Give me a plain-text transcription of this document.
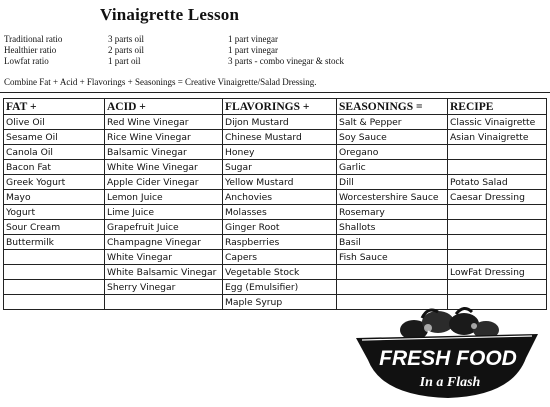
Vinaigrette Lesson
Traditional ratio	3 parts oil	1 part vinegar
Healthier ratio	2 parts oil	1 part vinegar
Lowfat ratio	1 part oil	3 parts - combo vinegar & stock
Combine Fat + Acid + Flavorings + Seasonings = Creative Vinaigrette/Salad Dressing.
FAT +	ACID +	FLAVORINGS +	SEASONINGS =	RECIPE
Olive Oil	Red Wine Vinegar	Dijon Mustard	Salt & Pepper	Classic Vinaigrette
Sesame Oil	Rice Wine Vinegar	Chinese Mustard	Soy Sauce	Asian Vinaigrette
Canola Oil	Balsamic Vinegar	Honey	Oregano	
Bacon Fat	White Wine Vinegar	Sugar	Garlic	
Greek Yogurt	Apple Cider Vinegar	Yellow Mustard	Dill	Potato Salad
Mayo	Lemon Juice	Anchovies	Worcestershire Sauce	Caesar Dressing
Yogurt	Lime Juice	Molasses	Rosemary	
Sour Cream	Grapefruit Juice	Ginger Root	Shallots	
Buttermilk	Champagne Vinegar	Raspberries	Basil	
	White Vinegar	Capers	Fish Sauce	
	White Balsamic Vinegar	Vegetable Stock		LowFat Dressing
	Sherry Vinegar	Egg (Emulsifier)		
		Maple Syrup		
FRESH FOOD
In a Flash
